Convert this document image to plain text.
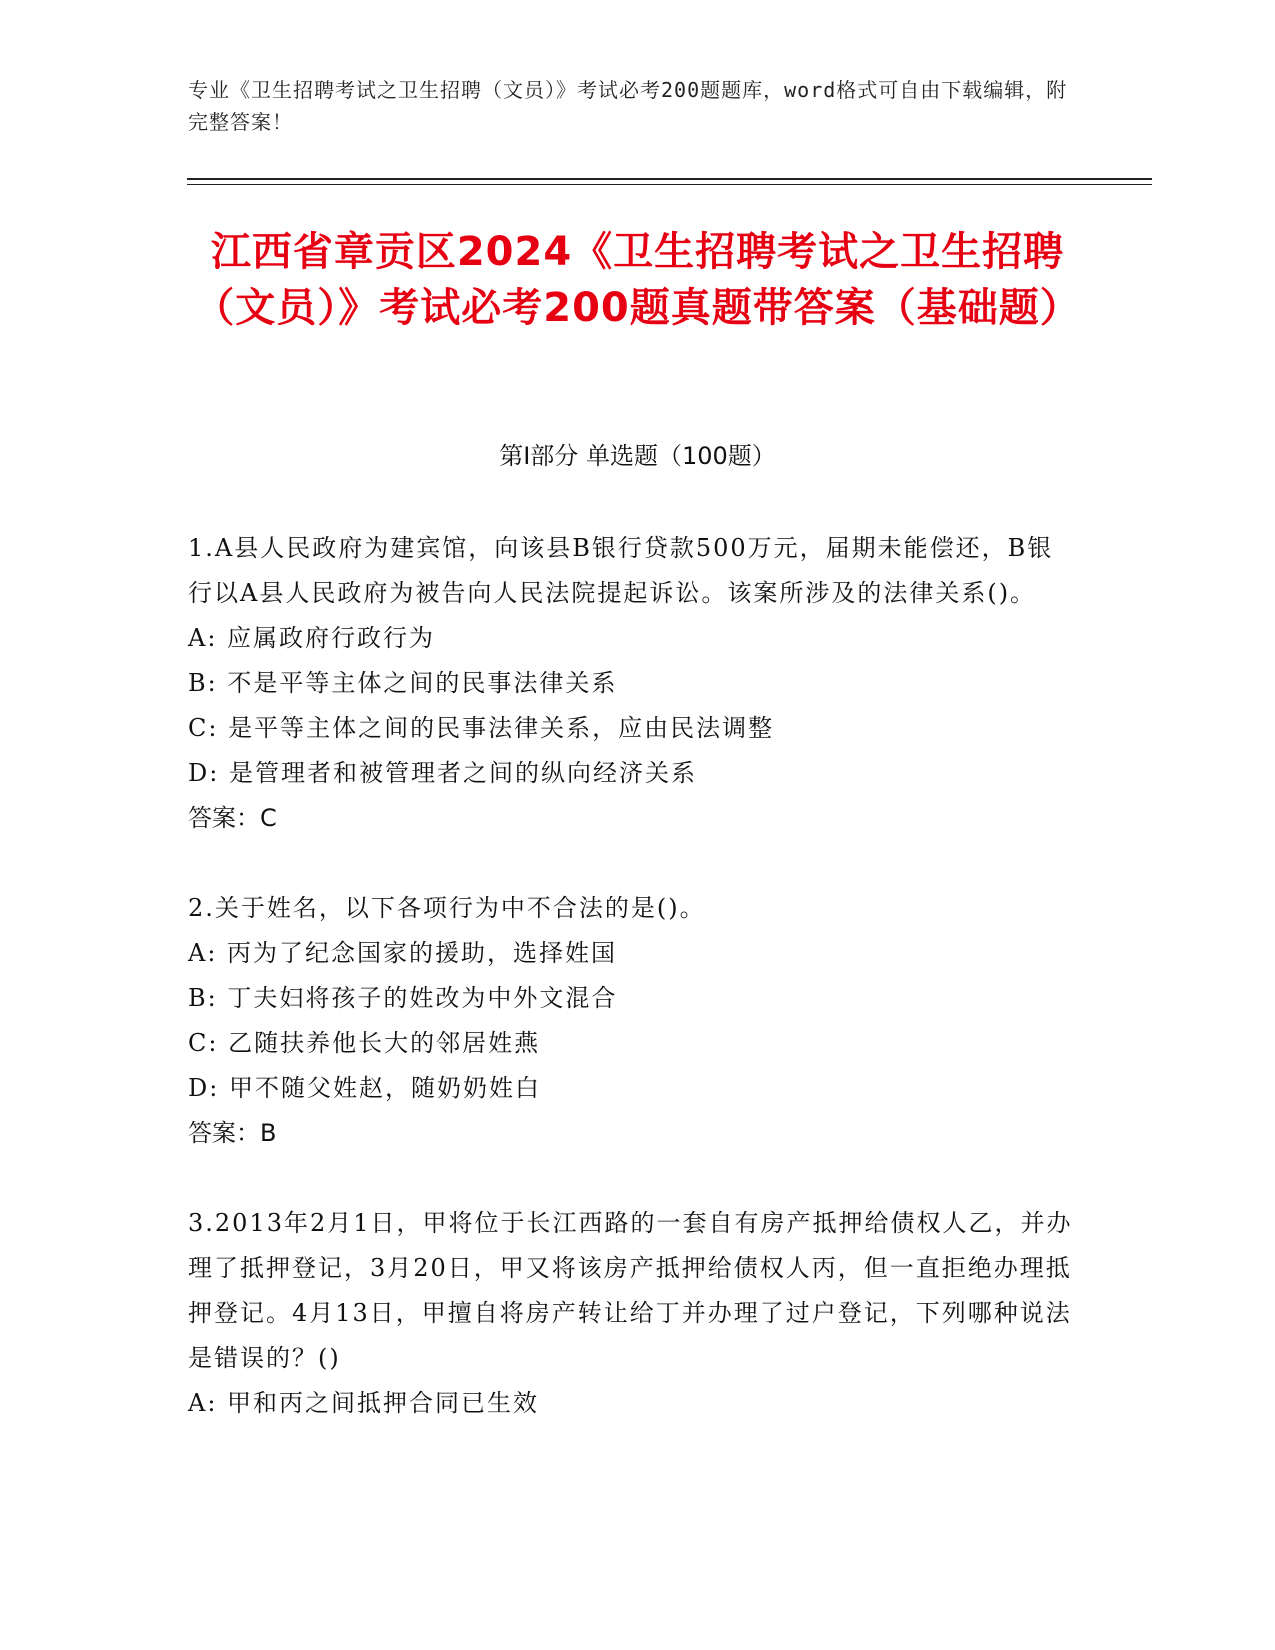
专业《卫生招聘考试之卫生招聘（文员）》考试必考200题题库，word格式可自由下载编辑，附完整答案！
江西省章贡区2024《卫生招聘考试之卫生招聘（文员）》考试必考200题真题带答案（基础题）
第I部分 单选题（100题）
1.A县人民政府为建宾馆，向该县B银行贷款500万元，届期未能偿还，B银行以A县人民政府为被告向人民法院提起诉讼。该案所涉及的法律关系()。
A: 应属政府行政行为
B: 不是平等主体之间的民事法律关系
C: 是平等主体之间的民事法律关系，应由民法调整
D: 是管理者和被管理者之间的纵向经济关系
答案：C
2.关于姓名，以下各项行为中不合法的是()。
A: 丙为了纪念国家的援助，选择姓国
B: 丁夫妇将孩子的姓改为中外文混合
C: 乙随扶养他长大的邻居姓燕
D: 甲不随父姓赵，随奶奶姓白
答案：B
3.2013年2月1日，甲将位于长江西路的一套自有房产抵押给债权人乙，并办理了抵押登记，3月20日，甲又将该房产抵押给债权人丙，但一直拒绝办理抵押登记。4月13日，甲擅自将房产转让给丁并办理了过户登记，下列哪种说法是错误的？()
A: 甲和丙之间抵押合同已生效
